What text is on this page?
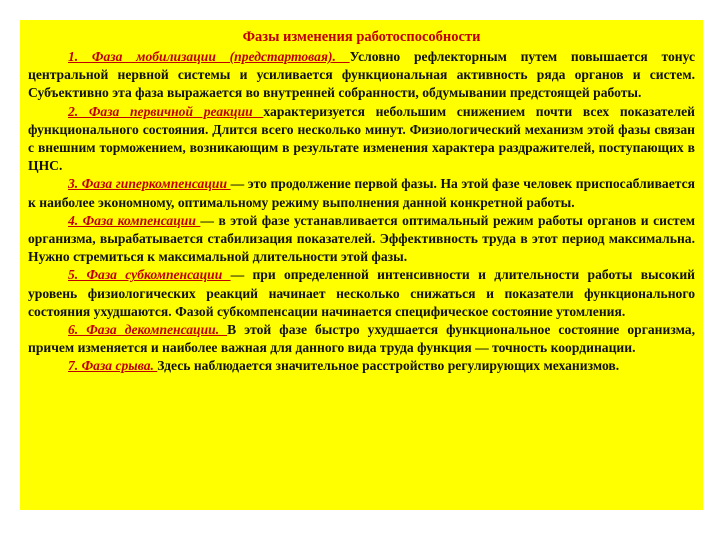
Фазы изменения работоспособности

1. Фаза мобилизации (предстартовая). Условно рефлекторным путем повышается тонус центральной нервной системы и усиливается функциональная активность ряда органов и систем. Субъективно эта фаза выражается во внутренней собранности, обдумывании предстоящей работы.

2. Фаза первичной реакции характеризуется небольшим снижением почти всех показателей функционального состояния. Длится всего несколько минут. Физиологический механизм этой фазы связан с внешним торможением, возникающим в результате изменения характера раздражителей, поступающих в ЦНС.

3. Фаза гиперкомпенсации — это продолжение первой фазы. На этой фазе человек приспосабливается к наиболее экономному, оптимальному режиму выполнения данной конкретной работы.

4. Фаза компенсации — в этой фазе устанавливается оптимальный режим работы органов и систем организма, вырабатывается стабилизация показателей. Эффективность труда в этот период максимальна. Нужно стремиться к максимальной длительности этой фазы.

5. Фаза субкомпенсации — при определенной интенсивности и длительности работы высокий уровень физиологических реакций начинает несколько снижаться и показатели функционального состояния ухудшаются. Фазой субкомпенсации начинается специфическое состояние утомления.

6. Фаза декомпенсации. В этой фазе быстро ухудшается функциональное состояние организма, причем изменяется и наиболее важная для данного вида труда функция — точность координации.

7. Фаза срыва. Здесь наблюдается значительное расстройство регулирующих механизмов.
